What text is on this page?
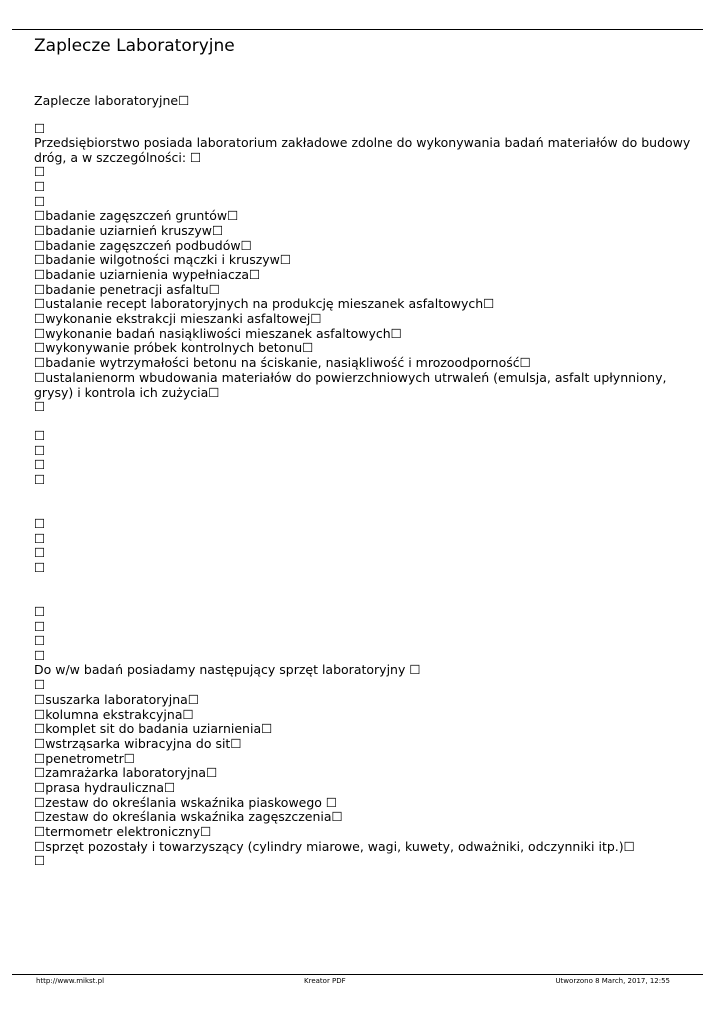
Zaplecze Laboratoryjne
Zaplecze laboratoryjne☐
☐
Przedsiębiorstwo posiada laboratorium zakładowe zdolne do wykonywania badań materiałów do budowy dróg, a w szczególności: ☐
☐
☐
☐
☐badanie zagęszczeń gruntów☐
☐badanie uziarnień kruszyw☐
☐badanie zagęszczeń podbudów☐
☐badanie wilgotności mączki i kruszyw☐
☐badanie uziarnienia wypełniacza☐
☐badanie penetracji asfaltu☐
☐ustalanie recept laboratoryjnych na produkcję mieszanek asfaltowych☐
☐wykonanie ekstrakcji mieszanki asfaltowej☐
☐wykonanie badań nasiąkliwości mieszanek asfaltowych☐
☐wykonywanie próbek kontrolnych betonu☐
☐badanie wytrzymałości betonu na ściskanie, nasiąkliwość i mrozoodporność☐
☐ustalanienorm wbudowania materiałów do powierzchniowych utrwaleń (emulsja, asfalt upłynniony, grysy) i kontrola ich zużycia☐
☐
☐
☐
☐
☐
☐
☐
☐
☐
☐
☐
☐
☐
Do w/w badań posiadamy następujący sprzęt laboratoryjny ☐
☐
☐suszarka laboratoryjna☐
☐kolumna ekstrakcyjna☐
☐komplet sit do badania uziarnienia☐
☐wstrząsarka wibracyjna do sit☐
☐penetrometr☐
☐zamrażarka laboratoryjna☐
☐prasa hydrauliczna☐
☐zestaw do określania wskaźnika piaskowego ☐
☐zestaw do określania wskaźnika zagęszczenia☐
☐termometr elektroniczny☐
☐sprzęt pozostały i towarzyszący (cylindry miarowe, wagi, kuwety, odważniki, odczynniki itp.)☐
☐
http://www.mikst.pl	Kreator PDF	Utworzono 8 March, 2017, 12:55
